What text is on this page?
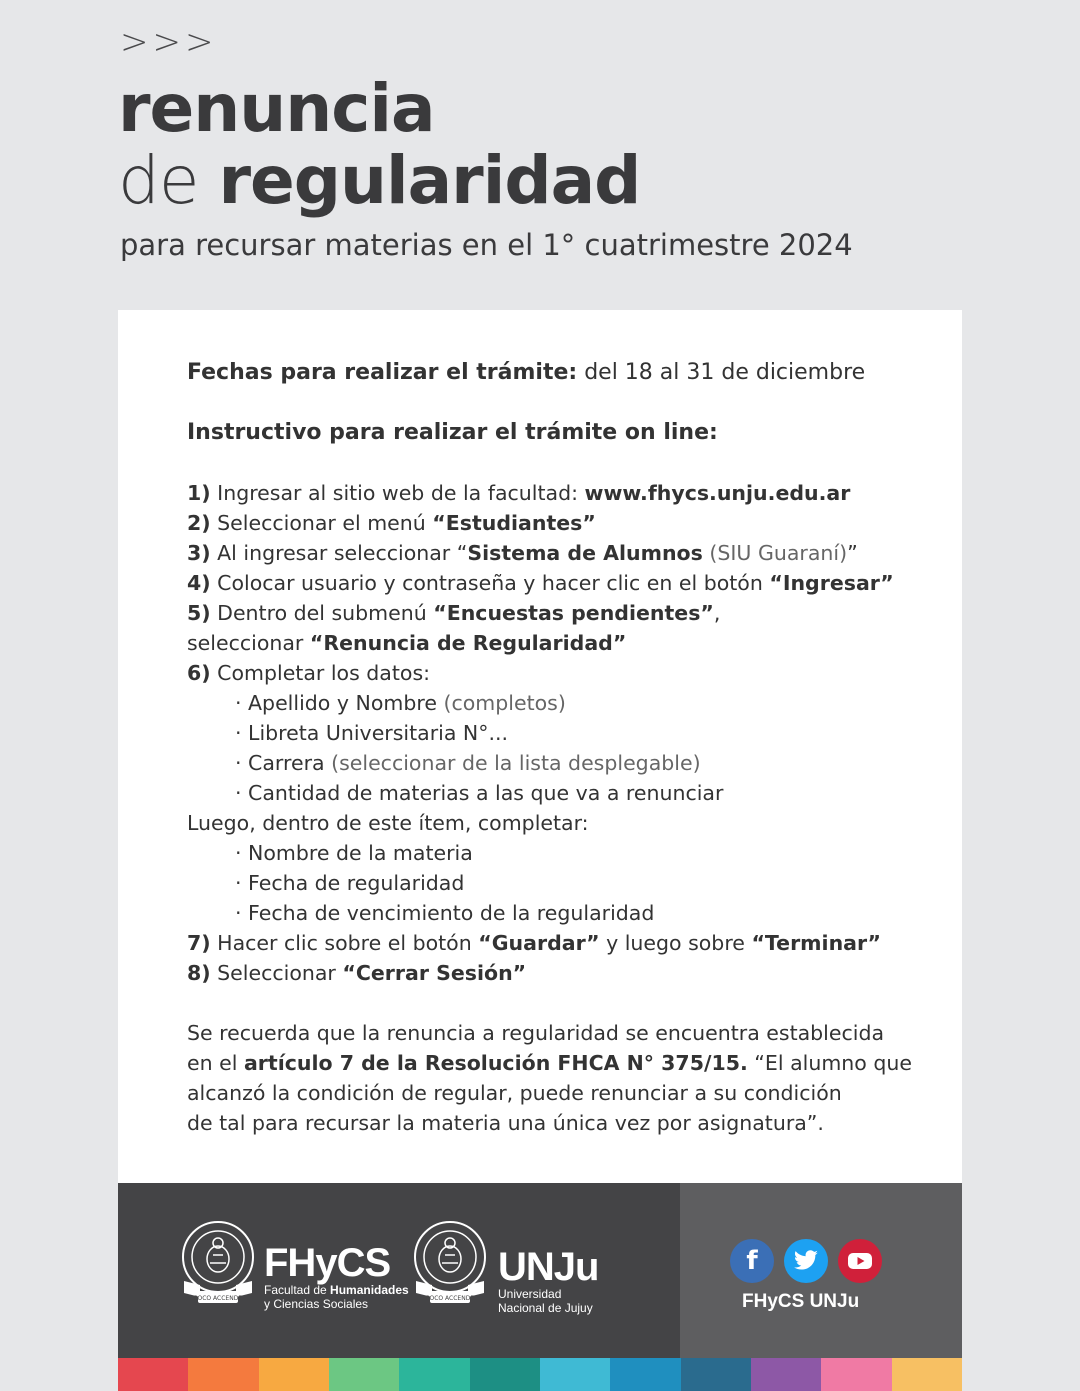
>>>
renuncia
de regularidad
para recursar materias en el 1° cuatrimestre 2024
Fechas para realizar el trámite: del 18 al 31 de diciembre
Instructivo para realizar el trámite on line:
1) Ingresar al sitio web de la facultad: www.fhycs.unju.edu.ar
2) Seleccionar el menú “Estudiantes”
3) Al ingresar seleccionar “Sistema de Alumnos (SIU Guaraní)”
4) Colocar usuario y contraseña y hacer clic en el botón “Ingresar”
5) Dentro del submenú “Encuestas pendientes”,
seleccionar “Renuncia de Regularidad”
6) Completar los datos:
· Apellido y Nombre (completos)
· Libreta Universitaria N°...
· Carrera (seleccionar de la lista desplegable)
· Cantidad de materias a las que va a renunciar
Luego, dentro de este ítem, completar:
· Nombre de la materia
· Fecha de regularidad
· Fecha de vencimiento de la regularidad
7) Hacer clic sobre el botón “Guardar” y luego sobre “Terminar”
8) Seleccionar “Cerrar Sesión”
Se recuerda que la renuncia a regularidad se encuentra establecida
en el artículo 7 de la Resolución FHCA N° 375/15. “El alumno que
alcanzó la condición de regular, puede renunciar a su condición
de tal para recursar la materia una única vez por asignatura”.
POCO ACCENDE
FHyCS
Facultad de Humanidades
y Ciencias Sociales	POCO ACCENDE
UNJu
Universidad
Nacional de Jujuy
f
FHyCS UNJu
